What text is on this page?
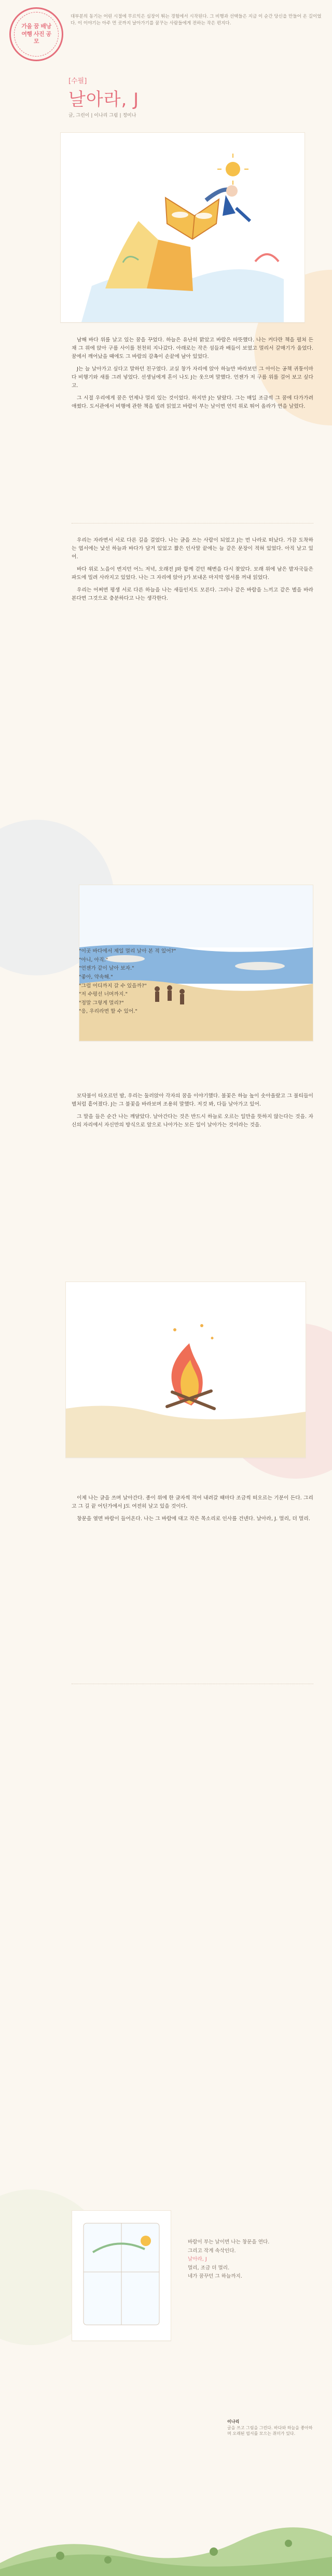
가을 꿈 배낭 여행 사진 공모
대부분의 동기는 어린 시절에 무르익은 심장이 뛰는 경험에서 시작된다. 그 비행과 선택들은 지금 이 순간 당신을 만들어 온 길이었다. 이 이야기는 아주 먼 곳까지 날아가기를 꿈꾸는 사람들에게 전하는 작은 편지다.
[수필]
날아라, J
글, 그린이 | 이나리 그림 | 정미나

남해 바다 위를 날고 있는 꿈을 꾸었다. 하늘은 유난히 맑았고 바람은 따뜻했다. 나는 커다란 책을 펼쳐 든 채 그 위에 앉아 구름 사이를 천천히 지나갔다. 아래로는 작은 섬들과 배들이 보였고 멀리서 갈매기가 울었다. 꿈에서 깨어났을 때에도 그 바람의 감촉이 손끝에 남아 있었다.

J는 늘 날아가고 싶다고 말하던 친구였다. 교실 창가 자리에 앉아 하늘만 바라보던 그 아이는 공책 귀퉁이마다 비행기와 새를 그려 넣었다. 선생님에게 혼이 나도 J는 웃으며 말했다. 언젠가 저 구름 위를 걸어 보고 싶다고.

그 시절 우리에게 꿈은 언제나 멀리 있는 것이었다. 하지만 J는 달랐다. 그는 매일 조금씩 그 꿈에 다가가려 애썼다. 도서관에서 비행에 관한 책을 빌려 읽었고 바람이 부는 날이면 언덕 위로 뛰어 올라가 연을 날렸다.

우리는 자라면서 서로 다른 길을 걸었다. 나는 글을 쓰는 사람이 되었고 J는 먼 나라로 떠났다. 가끔 도착하는 엽서에는 낯선 하늘과 바다가 담겨 있었고 짧은 인사말 끝에는 늘 같은 문장이 적혀 있었다. 아직 날고 있어.

바다 위로 노을이 번지던 어느 저녁, 오래전 J와 함께 걷던 해변을 다시 찾았다. 모래 위에 남은 발자국들은 파도에 밀려 사라지고 있었다. 나는 그 자리에 앉아 J가 보내온 마지막 엽서를 꺼내 읽었다.

우리는 어쩌면 평생 서로 다른 하늘을 나는 새들인지도 모른다. 그러나 같은 바람을 느끼고 같은 별을 바라본다면 그것으로 충분하다고 나는 생각한다.

"이곳 바다에서 제일 멀리 날아 본 적 있어?"
"아니, 아직."
"언젠가 같이 날아 보자."
"좋아, 약속해."
"그럼 어디까지 갈 수 있을까?"
"저 수평선 너머까지."
"정말 그렇게 멀리?"
"응, 우리라면 할 수 있어."

모닥불이 타오르던 밤, 우리는 둘러앉아 각자의 꿈을 이야기했다. 불꽃은 하늘 높이 솟아올랐고 그 불티들이 별처럼 흩어졌다. J는 그 불꽃을 바라보며 조용히 말했다. 저것 봐, 다들 날아가고 있어.

그 말을 들은 순간 나는 깨달았다. 날아간다는 것은 반드시 하늘로 오르는 일만을 뜻하지 않는다는 것을. 자신의 자리에서 자신만의 방식으로 앞으로 나아가는 모든 일이 날아가는 것이라는 것을.

이제 나는 글을 쓰며 날아간다. 종이 위에 한 글자씩 적어 내려갈 때마다 조금씩 떠오르는 기분이 든다. 그리고 그 길 끝 어딘가에서 J도 여전히 날고 있을 것이다.

창문을 열면 바람이 들어온다. 나는 그 바람에 대고 작은 목소리로 인사를 건넨다. 날아라, J. 멀리, 더 멀리.

바람이 부는 날이면 나는 창문을 연다.
그리고 작게 속삭인다.
날아라, J
멀리, 조금 더 멀리.
네가 꿈꾸던 그 하늘까지.
이나리
글을 쓰고 그림을 그린다. 바다와 하늘을 좋아하며 오래된 엽서를 모으는 취미가 있다.
